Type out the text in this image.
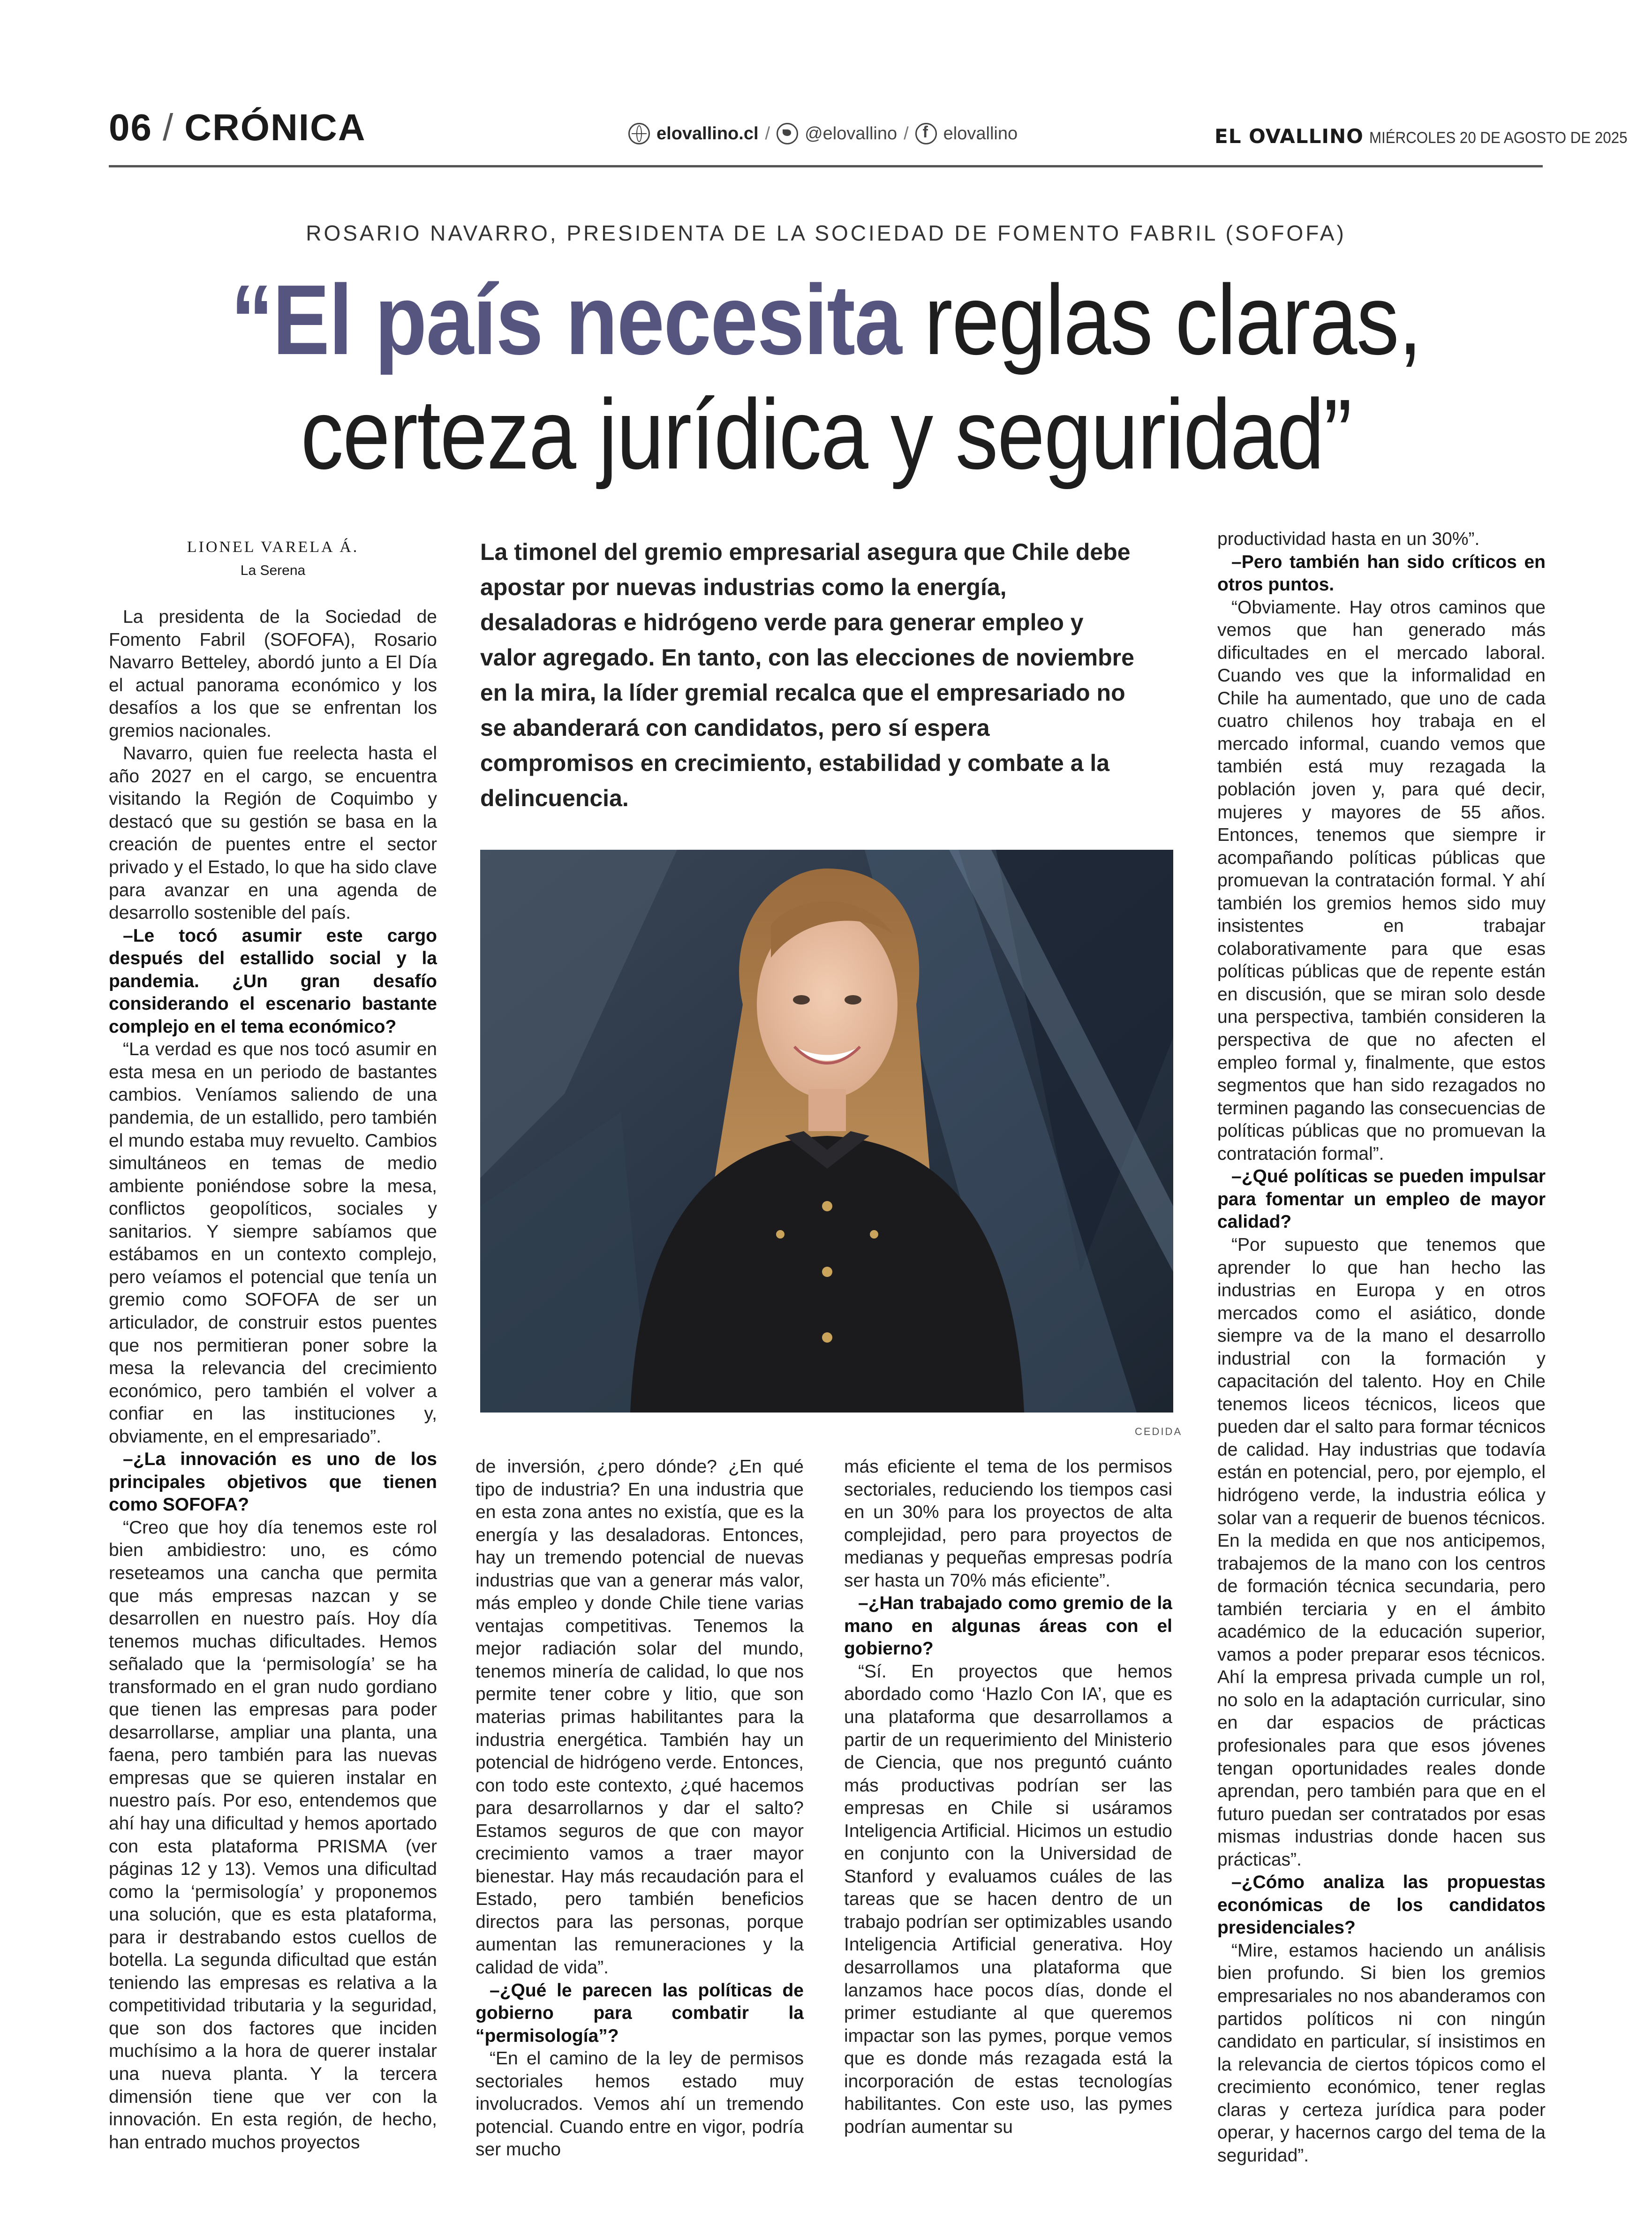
06 / CRÓNICA	elovallino.cl / @elovallino /
f elovallino	EL OVALLINO MIÉRCOLES 20 DE AGOSTO DE 2025
ROSARIO NAVARRO, PRESIDENTA DE LA SOCIEDAD DE FOMENTO FABRIL (SOFOFA)
“El país necesita reglas claras,
certeza jurídica y seguridad”
LIONEL VARELA Á.
La Serena
La timonel del gremio empresarial asegura que Chile debe apostar por nuevas industrias como la energía, desaladoras e hidrógeno verde para generar empleo y valor agregado. En tanto, con las elecciones de noviembre en la mira, la líder gremial recalca que el empresariado no se abanderará con candidatos, pero sí espera compromisos en crecimiento, estabilidad y combate a la delincuencia.
CEDIDA

La presidenta de la Sociedad de Fomento Fabril (SOFOFA), Rosario Navarro Betteley, abordó junto a El Día el actual panorama económico y los desafíos a los que se enfrentan los gremios nacionales.

Navarro, quien fue reelecta hasta el año 2027 en el cargo, se encuentra visitando la Región de Coquimbo y destacó que su gestión se basa en la creación de puentes entre el sector privado y el Estado, lo que ha sido clave para avanzar en una agenda de desarrollo sostenible del país.

–Le tocó asumir este cargo después del estallido social y la pandemia. ¿Un gran desafío considerando el escenario bastante complejo en el tema económico?

“La verdad es que nos tocó asumir en esta mesa en un periodo de bastantes cambios. Veníamos saliendo de una pandemia, de un estallido, pero también el mundo estaba muy revuelto. Cambios simultáneos en temas de medio ambiente poniéndose sobre la mesa, conflictos geopolíticos, sociales y sanitarios. Y siempre sabíamos que estábamos en un contexto complejo, pero veíamos el potencial que tenía un gremio como SOFOFA de ser un articulador, de construir estos puentes que nos permitieran poner sobre la mesa la relevancia del crecimiento económico, pero también el volver a confiar en las instituciones y, obviamente, en el empresariado”.

–¿La innovación es uno de los principales objetivos que tienen como SOFOFA?

“Creo que hoy día tenemos este rol bien ambidiestro: uno, es cómo reseteamos una cancha que permita que más empresas nazcan y se desarrollen en nuestro país. Hoy día tenemos muchas dificultades. Hemos señalado que la ‘permisología’ se ha transformado en el gran nudo gordiano que tienen las empresas para poder desarrollarse, ampliar una planta, una faena, pero también para las nuevas empresas que se quieren instalar en nuestro país. Por eso, entendemos que ahí hay una dificultad y hemos aportado con esta plataforma PRISMA (ver páginas 12 y 13). Vemos una dificultad como la ‘permisología’ y proponemos una solución, que es esta plataforma, para ir destrabando estos cuellos de botella. La segunda dificultad que están teniendo las empresas es relativa a la competitividad tributaria y la seguridad, que son dos factores que inciden muchísimo a la hora de querer instalar una nueva planta. Y la tercera dimensión tiene que ver con la innovación. En esta región, de hecho, han entrado muchos proyectos

de inversión, ¿pero dónde? ¿En qué tipo de industria? En una industria que en esta zona antes no existía, que es la energía y las desaladoras. Entonces, hay un tremendo potencial de nuevas industrias que van a generar más valor, más empleo y donde Chile tiene varias ventajas competitivas. Tenemos la mejor radiación solar del mundo, tenemos minería de calidad, lo que nos permite tener cobre y litio, que son materias primas habilitantes para la industria energética. También hay un potencial de hidrógeno verde. Entonces, con todo este contexto, ¿qué hacemos para desarrollarnos y dar el salto? Estamos seguros de que con mayor crecimiento vamos a traer mayor bienestar. Hay más recaudación para el Estado, pero también beneficios directos para las personas, porque aumentan las remuneraciones y la calidad de vida”.

–¿Qué le parecen las políticas de gobierno para combatir la “permisología”?

“En el camino de la ley de permisos sectoriales hemos estado muy involucrados. Vemos ahí un tremendo potencial. Cuando entre en vigor, podría ser mucho

más eficiente el tema de los permisos sectoriales, reduciendo los tiempos casi en un 30% para los proyectos de alta complejidad, pero para proyectos de medianas y pequeñas empresas podría ser hasta un 70% más eficiente”.

–¿Han trabajado como gremio de la mano en algunas áreas con el gobierno?

“Sí. En proyectos que hemos abordado como ‘Hazlo Con IA’, que es una plataforma que desarrollamos a partir de un requerimiento del Ministerio de Ciencia, que nos preguntó cuánto más productivas podrían ser las empresas en Chile si usáramos Inteligencia Artificial. Hicimos un estudio en conjunto con la Universidad de Stanford y evaluamos cuáles de las tareas que se hacen dentro de un trabajo podrían ser optimizables usando Inteligencia Artificial generativa. Hoy desarrollamos una plataforma que lanzamos hace pocos días, donde el primer estudiante al que queremos impactar son las pymes, porque vemos que es donde más rezagada está la incorporación de estas tecnologías habilitantes. Con este uso, las pymes podrían aumentar su

productividad hasta en un 30%”.

–Pero también han sido críticos en otros puntos.

“Obviamente. Hay otros caminos que vemos que han generado más dificultades en el mercado laboral. Cuando ves que la informalidad en Chile ha aumentado, que uno de cada cuatro chilenos hoy trabaja en el mercado informal, cuando vemos que también está muy rezagada la población joven y, para qué decir, mujeres y mayores de 55 años. Entonces, tenemos que siempre ir acompañando políticas públicas que promuevan la contratación formal. Y ahí también los gremios hemos sido muy insistentes en trabajar colaborativamente para que esas políticas públicas que de repente están en discusión, que se miran solo desde una perspectiva, también consideren la perspectiva de que no afecten el empleo formal y, finalmente, que estos segmentos que han sido rezagados no terminen pagando las consecuencias de políticas públicas que no promuevan la contratación formal”.

–¿Qué políticas se pueden impulsar para fomentar un empleo de mayor calidad?

“Por supuesto que tenemos que aprender lo que han hecho las industrias en Europa y en otros mercados como el asiático, donde siempre va de la mano el desarrollo industrial con la formación y capacitación del talento. Hoy en Chile tenemos liceos técnicos, liceos que pueden dar el salto para formar técnicos de calidad. Hay industrias que todavía están en potencial, pero, por ejemplo, el hidrógeno verde, la industria eólica y solar van a requerir de buenos técnicos. En la medida en que nos anticipemos, trabajemos de la mano con los centros de formación técnica secundaria, pero también terciaria y en el ámbito académico de la educación superior, vamos a poder preparar esos técnicos. Ahí la empresa privada cumple un rol, no solo en la adaptación curricular, sino en dar espacios de prácticas profesionales para que esos jóvenes tengan oportunidades reales donde aprendan, pero también para que en el futuro puedan ser contratados por esas mismas industrias donde hacen sus prácticas”.

–¿Cómo analiza las propuestas económicas de los candidatos presidenciales?

“Mire, estamos haciendo un análisis bien profundo. Si bien los gremios empresariales no nos abanderamos con partidos políticos ni con ningún candidato en particular, sí insistimos en la relevancia de ciertos tópicos como el crecimiento económico, tener reglas claras y certeza jurídica para poder operar, y hacernos cargo del tema de la seguridad”.
